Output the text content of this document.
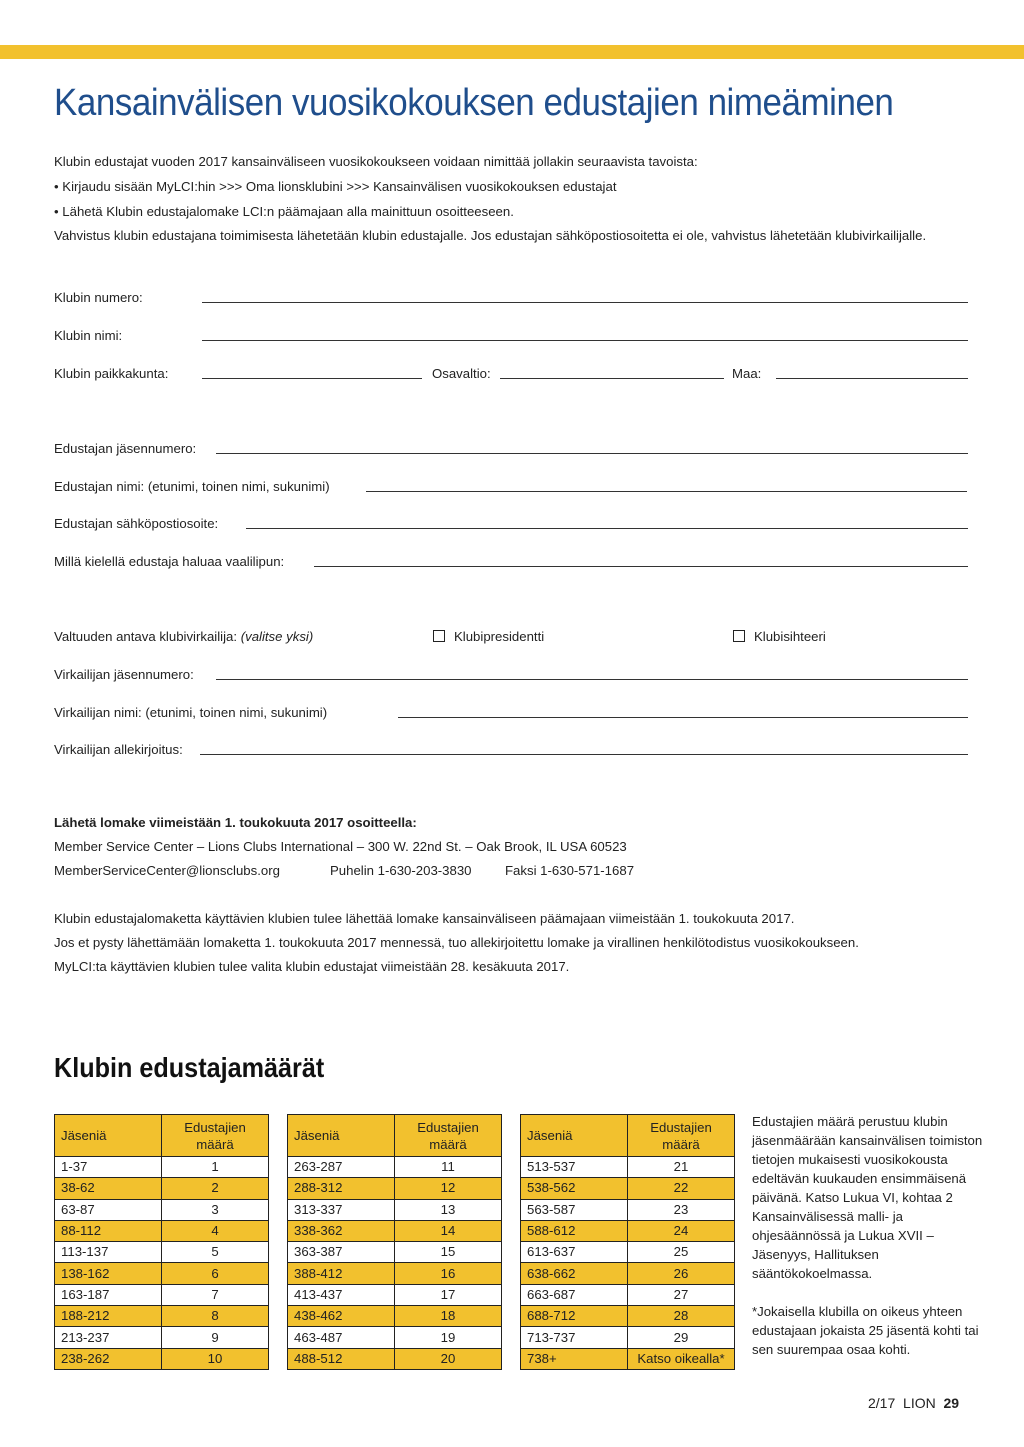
Kansainvälisen vuosikokouksen edustajien nimeäminen
Klubin edustajat vuoden 2017 kansainväliseen vuosikokoukseen voidaan nimittää jollakin seuraavista tavoista:
• Kirjaudu sisään MyLCI:hin >>> Oma lionsklubini >>> Kansainvälisen vuosikokouksen edustajat
• Lähetä Klubin edustajalomake LCI:n päämajaan alla mainittuun osoitteeseen.
Vahvistus klubin edustajana toimimisesta lähetetään klubin edustajalle. Jos edustajan sähköpostiosoitetta ei ole, vahvistus lähetetään klubivirkailijalle.
Klubin numero:
Klubin nimi:
Klubin paikkakunta:	Osavaltio:	Maa:
Edustajan jäsennumero:
Edustajan nimi: (etunimi, toinen nimi, sukunimi)
Edustajan sähköpostiosoite:
Millä kielellä edustaja haluaa vaalilipun:
Valtuuden antava klubivirkailija: (valitse yksi)	Klubipresidentti	Klubisihteeri
Virkailijan jäsennumero:
Virkailijan nimi: (etunimi, toinen nimi, sukunimi)
Virkailijan allekirjoitus:
Lähetä lomake viimeistään 1. toukokuuta 2017 osoitteella:
Member Service Center – Lions Clubs International – 300 W. 22nd St. – Oak Brook, IL USA 60523
MemberServiceCenter@lionsclubs.org	Puhelin 1-630-203-3830	Faksi 1-630-571-1687
Klubin edustajalomaketta käyttävien klubien tulee lähettää lomake kansainväliseen päämajaan viimeistään 1. toukokuuta 2017.
Jos et pysty lähettämään lomaketta 1. toukokuuta 2017 mennessä, tuo allekirjoitettu lomake ja virallinen henkilötodistus vuosikokoukseen.
MyLCI:ta käyttävien klubien tulee valita klubin edustajat viimeistään 28. kesäkuuta 2017.
Klubin edustajamäärät
Jäseniä	Edustajien määrä
1-37	1
38-62	2
63-87	3
88-112	4
113-137	5
138-162	6
163-187	7
188-212	8
213-237	9
238-262	10
Jäseniä	Edustajien määrä
263-287	11
288-312	12
313-337	13
338-362	14
363-387	15
388-412	16
413-437	17
438-462	18
463-487	19
488-512	20
Jäseniä	Edustajien määrä
513-537	21
538-562	22
563-587	23
588-612	24
613-637	25
638-662	26
663-687	27
688-712	28
713-737	29
738+	Katso oikealla*
Edustajien määrä perustuu klubin jäsenmäärään kansainvälisen toimiston tietojen mukaisesti vuosikokousta edeltävän kuukauden ensimmäisenä päivänä. Katso Lukua VI, kohtaa 2 Kansainvälisessä malli- ja ohjesäännössä ja Lukua XVII – Jäsenyys, Hallituksen sääntökokoelmassa.
*Jokaisella klubilla on oikeus yhteen edustajaan jokaista 25 jäsentä kohti tai sen suurempaa osaa kohti.
2/17 LION 29
